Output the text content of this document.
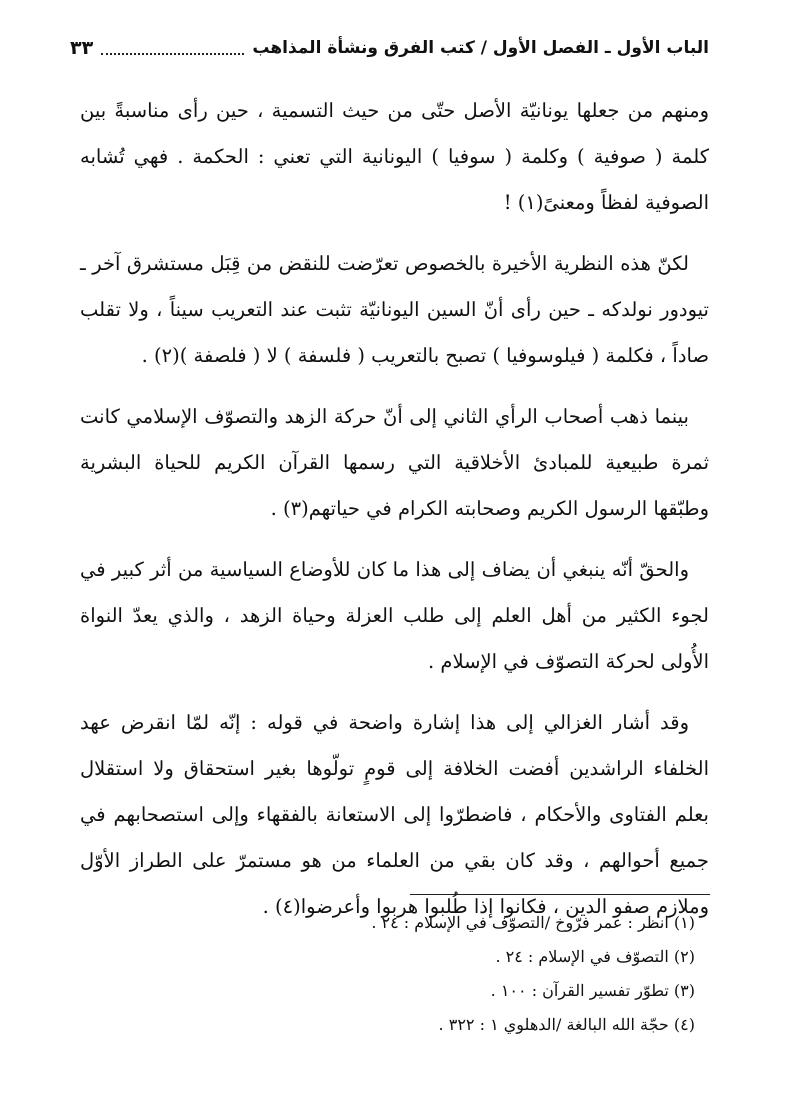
الباب الأول ـ الفصل الأول / كتب الفرق ونشأة المذاهب
٣٣

ومنهم من جعلها يونانيّة الأصل حتّى من حيث التسمية ، حين رأى مناسبةً بين كلمة ( صوفية ) وكلمة ( سوفيا ) اليونانية التي تعني : الحكمة . فهي تُشابه الصوفية لفظاً ومعنىً(١) !

لكنّ هذه النظرية الأخيرة بالخصوص تعرّضت للنقض من قِبَل مستشرق آخر ـ تيودور نولدكه ـ حين رأى أنّ السين اليونانيّة تثبت عند التعريب سيناً ، ولا تقلب صاداً ، فكلمة ( فيلوسوفيا ) تصبح بالتعريب ( فلسفة ) لا ( فلصفة )(٢) .

بينما ذهب أصحاب الرأي الثاني إلى أنّ حركة الزهد والتصوّف الإسلامي كانت ثمرة طبيعية للمبادئ الأخلاقية التي رسمها القرآن الكريم للحياة البشرية وطبّقها الرسول الكريم وصحابته الكرام في حياتهم(٣) .

والحقّ أنّه ينبغي أن يضاف إلى هذا ما كان للأوضاع السياسية من أثر كبير في لجوء الكثير من أهل العلم إلى طلب العزلة وحياة الزهد ، والذي يعدّ النواة الأُولى لحركة التصوّف في الإسلام .

وقد أشار الغزالي إلى هذا إشارة واضحة في قوله : إنّه لمّا انقرض عهد الخلفاء الراشدين أفضت الخلافة إلى قومٍ تولّوها بغير استحقاق ولا استقلال بعلم الفتاوى والأحكام ، فاضطرّوا إلى الاستعانة بالفقهاء وإلى استصحابهم في جميع أحوالهم ، وقد كان بقي من العلماء من هو مستمرّ على الطراز الأوّل وملازم صفو الدين ، فكانوا إذا طُلبوا هربوا وأعرضوا(٤) .

(١) انظر : عمر فرّوخ /التصوّف في الإسلام : ٢٤ .
(٢) التصوّف في الإسلام : ٢٤ .
(٣) تطوّر تفسير القرآن : ١٠٠ .
(٤) حجّة الله البالغة /الدهلوي ١ : ٣٢٢ .
